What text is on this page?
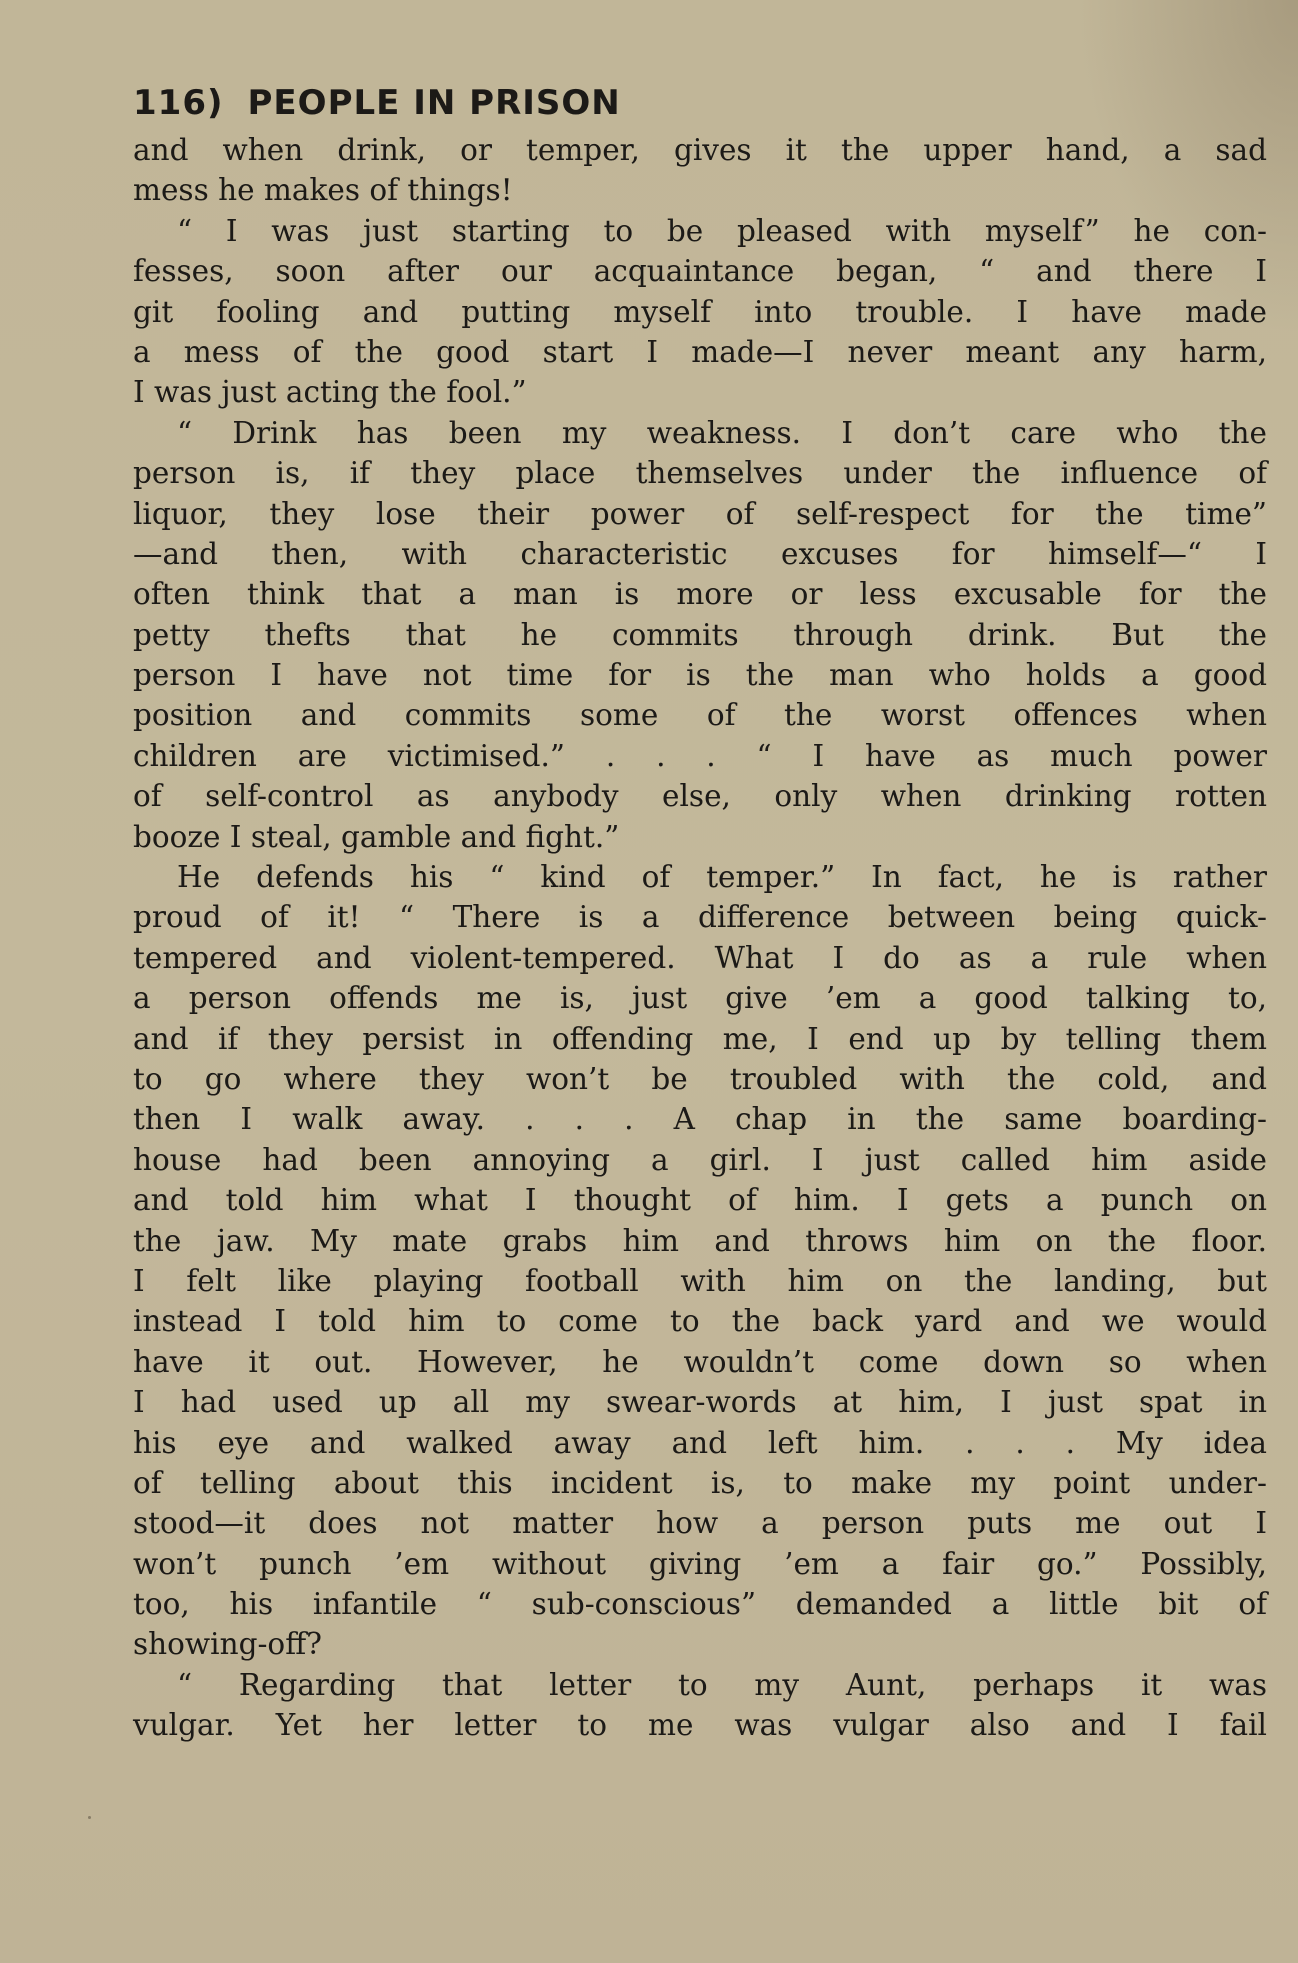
116) PEOPLE IN PRISON
and when drink, or temper, gives it the upper hand, a sad
mess he makes of things!
“ I was just starting to be pleased with myself” he con-
fesses, soon after our acquaintance began, “ and there I
git fooling and putting myself into trouble. I have made
a mess of the good start I made—I never meant any harm,
I was just acting the fool.”
“ Drink has been my weakness. I don’t care who the
person is, if they place themselves under the influence of
liquor, they lose their power of self-respect for the time”
—and then, with characteristic excuses for himself—“ I
often think that a man is more or less excusable for the
petty thefts that he commits through drink. But the
person I have not time for is the man who holds a good
position and commits some of the worst offences when
children are victimised.” . . . “ I have as much power
of self-control as anybody else, only when drinking rotten
booze I steal, gamble and fight.”
He defends his “ kind of temper.” In fact, he is rather
proud of it! “ There is a difference between being quick-
tempered and violent-tempered. What I do as a rule when
a person offends me is, just give ’em a good talking to,
and if they persist in offending me, I end up by telling them
to go where they won’t be troubled with the cold, and
then I walk away. . . . A chap in the same boarding-
house had been annoying a girl. I just called him aside
and told him what I thought of him. I gets a punch on
the jaw. My mate grabs him and throws him on the floor.
I felt like playing football with him on the landing, but
instead I told him to come to the back yard and we would
have it out. However, he wouldn’t come down so when
I had used up all my swear-words at him, I just spat in
his eye and walked away and left him. . . . My idea
of telling about this incident is, to make my point under-
stood—it does not matter how a person puts me out I
won’t punch ’em without giving ’em a fair go.” Possibly,
too, his infantile “ sub-conscious” demanded a little bit of
showing-off?
“ Regarding that letter to my Aunt, perhaps it was
vulgar. Yet her letter to me was vulgar also and I fail
